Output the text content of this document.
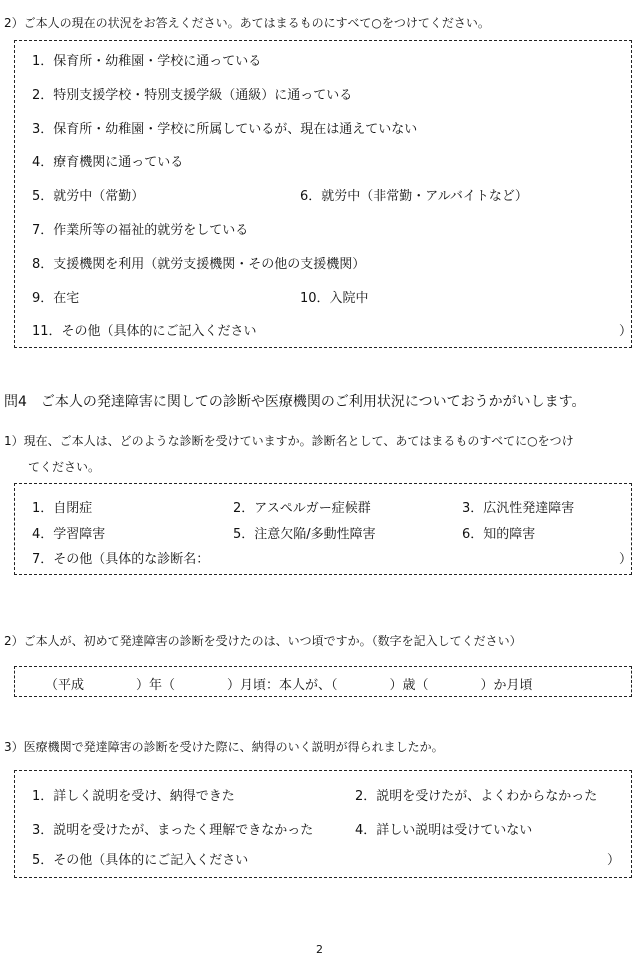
2）ご本人の現在の状況をお答えください。あてはまるものにすべて○をつけてください。
1．保育所・幼稚園・学校に通っている
2．特別支援学校・特別支援学級（通級）に通っている
3．保育所・幼稚園・学校に所属しているが、現在は通えていない
4．療育機関に通っている
5．就労中（常勤）	6．就労中（非常勤・アルバイトなど）
7．作業所等の福祉的就労をしている
8．支援機関を利用（就労支援機関・その他の支援機関）
9．在宅	10．入院中
11．その他（具体的にご記入ください	）
問4　ご本人の発達障害に関しての診断や医療機関のご利用状況についておうかがいします。
1）現在、ご本人は、どのような診断を受けていますか。診断名として、あてはまるものすべてに○をつけ
てください。
1．自閉症	2．アスペルガー症候群	3．広汎性発達障害
4．学習障害	5．注意欠陥/多動性障害	6．知的障害
7．その他（具体的な診断名：	）
2）ご本人が、初めて発達障害の診断を受けたのは、いつ頃ですか。（数字を記入してください）
（平成　　　　）年（　　　　）月頃：本人が、（　　　　）歳（　　　　）か月頃
3）医療機関で発達障害の診断を受けた際に、納得のいく説明が得られましたか。
1．詳しく説明を受け、納得できた	2．説明を受けたが、よくわからなかった
3．説明を受けたが、まったく理解できなかった	4．詳しい説明は受けていない
5．その他（具体的にご記入ください	）
2
